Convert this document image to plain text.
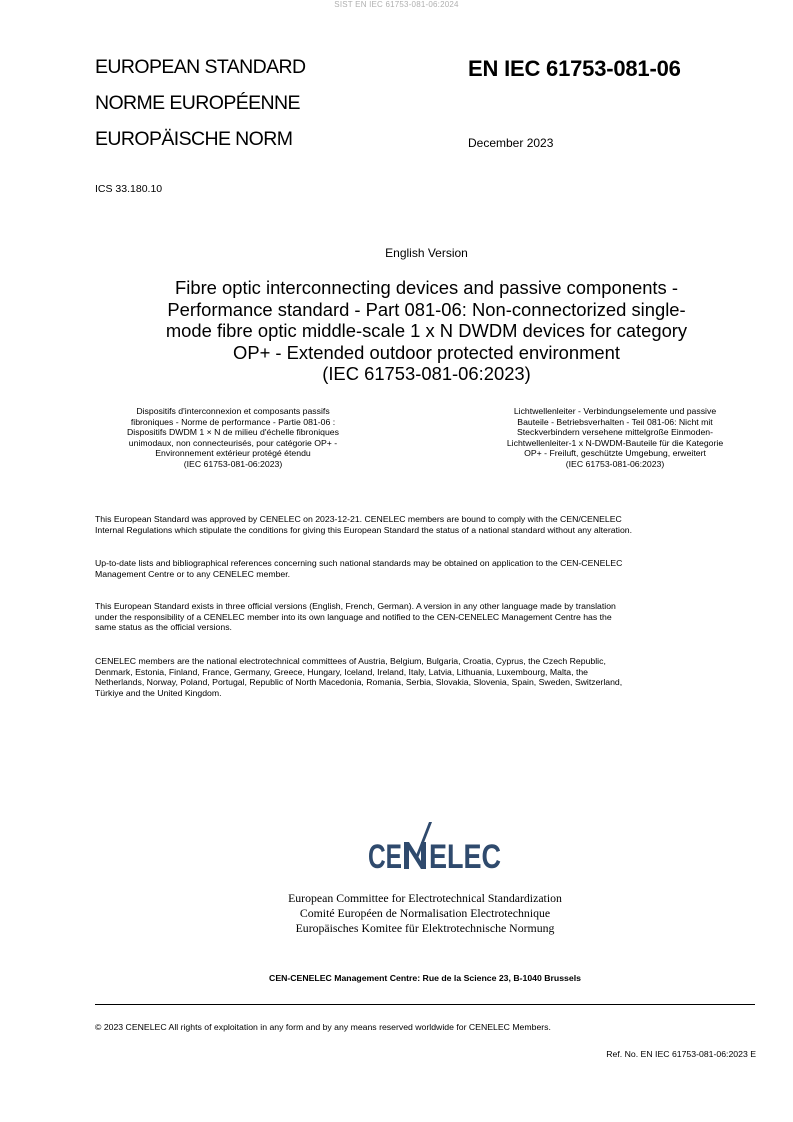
SIST EN IEC 61753-081-06:2024
EUROPEAN STANDARD
NORME EUROPÉENNE
EUROPÄISCHE NORM
EN IEC 61753-081-06
December 2023
ICS 33.180.10
English Version
Fibre optic interconnecting devices and passive components -
Performance standard - Part 081-06: Non-connectorized single-
mode fibre optic middle-scale 1 x N DWDM devices for category
OP+ - Extended outdoor protected environment
(IEC 61753-081-06:2023)
Dispositifs d'interconnexion et composants passifs
fibroniques - Norme de performance - Partie 081-06 :
Dispositifs DWDM 1 × N de milieu d'échelle fibroniques
unimodaux, non connecteurisés, pour catégorie OP+ -
Environnement extérieur protégé étendu
(IEC 61753-081-06:2023)
Lichtwellenleiter - Verbindungselemente und passive
Bauteile - Betriebsverhalten - Teil 081-06: Nicht mit
Steckverbindern versehene mittelgroße Einmoden-
Lichtwellenleiter-1 x N-DWDM-Bauteile für die Kategorie
OP+ - Freiluft, geschützte Umgebung, erweitert
(IEC 61753-081-06:2023)
This European Standard was approved by CENELEC on 2023-12-21. CENELEC members are bound to comply with the CEN/CENELEC
Internal Regulations which stipulate the conditions for giving this European Standard the status of a national standard without any alteration.
Up-to-date lists and bibliographical references concerning such national standards may be obtained on application to the CEN-CENELEC
Management Centre or to any CENELEC member.
This European Standard exists in three official versions (English, French, German). A version in any other language made by translation
under the responsibility of a CENELEC member into its own language and notified to the CEN-CENELEC Management Centre has the
same status as the official versions.
CENELEC members are the national electrotechnical committees of Austria, Belgium, Bulgaria, Croatia, Cyprus, the Czech Republic,
Denmark, Estonia, Finland, France, Germany, Greece, Hungary, Iceland, Ireland, Italy, Latvia, Lithuania, Luxembourg, Malta, the
Netherlands, Norway, Poland, Portugal, Republic of North Macedonia, Romania, Serbia, Slovakia, Slovenia, Spain, Sweden, Switzerland,
Türkiye and the United Kingdom.
CE ELEC
European Committee for Electrotechnical Standardization
Comité Européen de Normalisation Electrotechnique
Europäisches Komitee für Elektrotechnische Normung
CEN-CENELEC Management Centre: Rue de la Science 23, B-1040 Brussels
© 2023 CENELEC All rights of exploitation in any form and by any means reserved worldwide for CENELEC Members.
Ref. No. EN IEC 61753-081-06:2023 E
